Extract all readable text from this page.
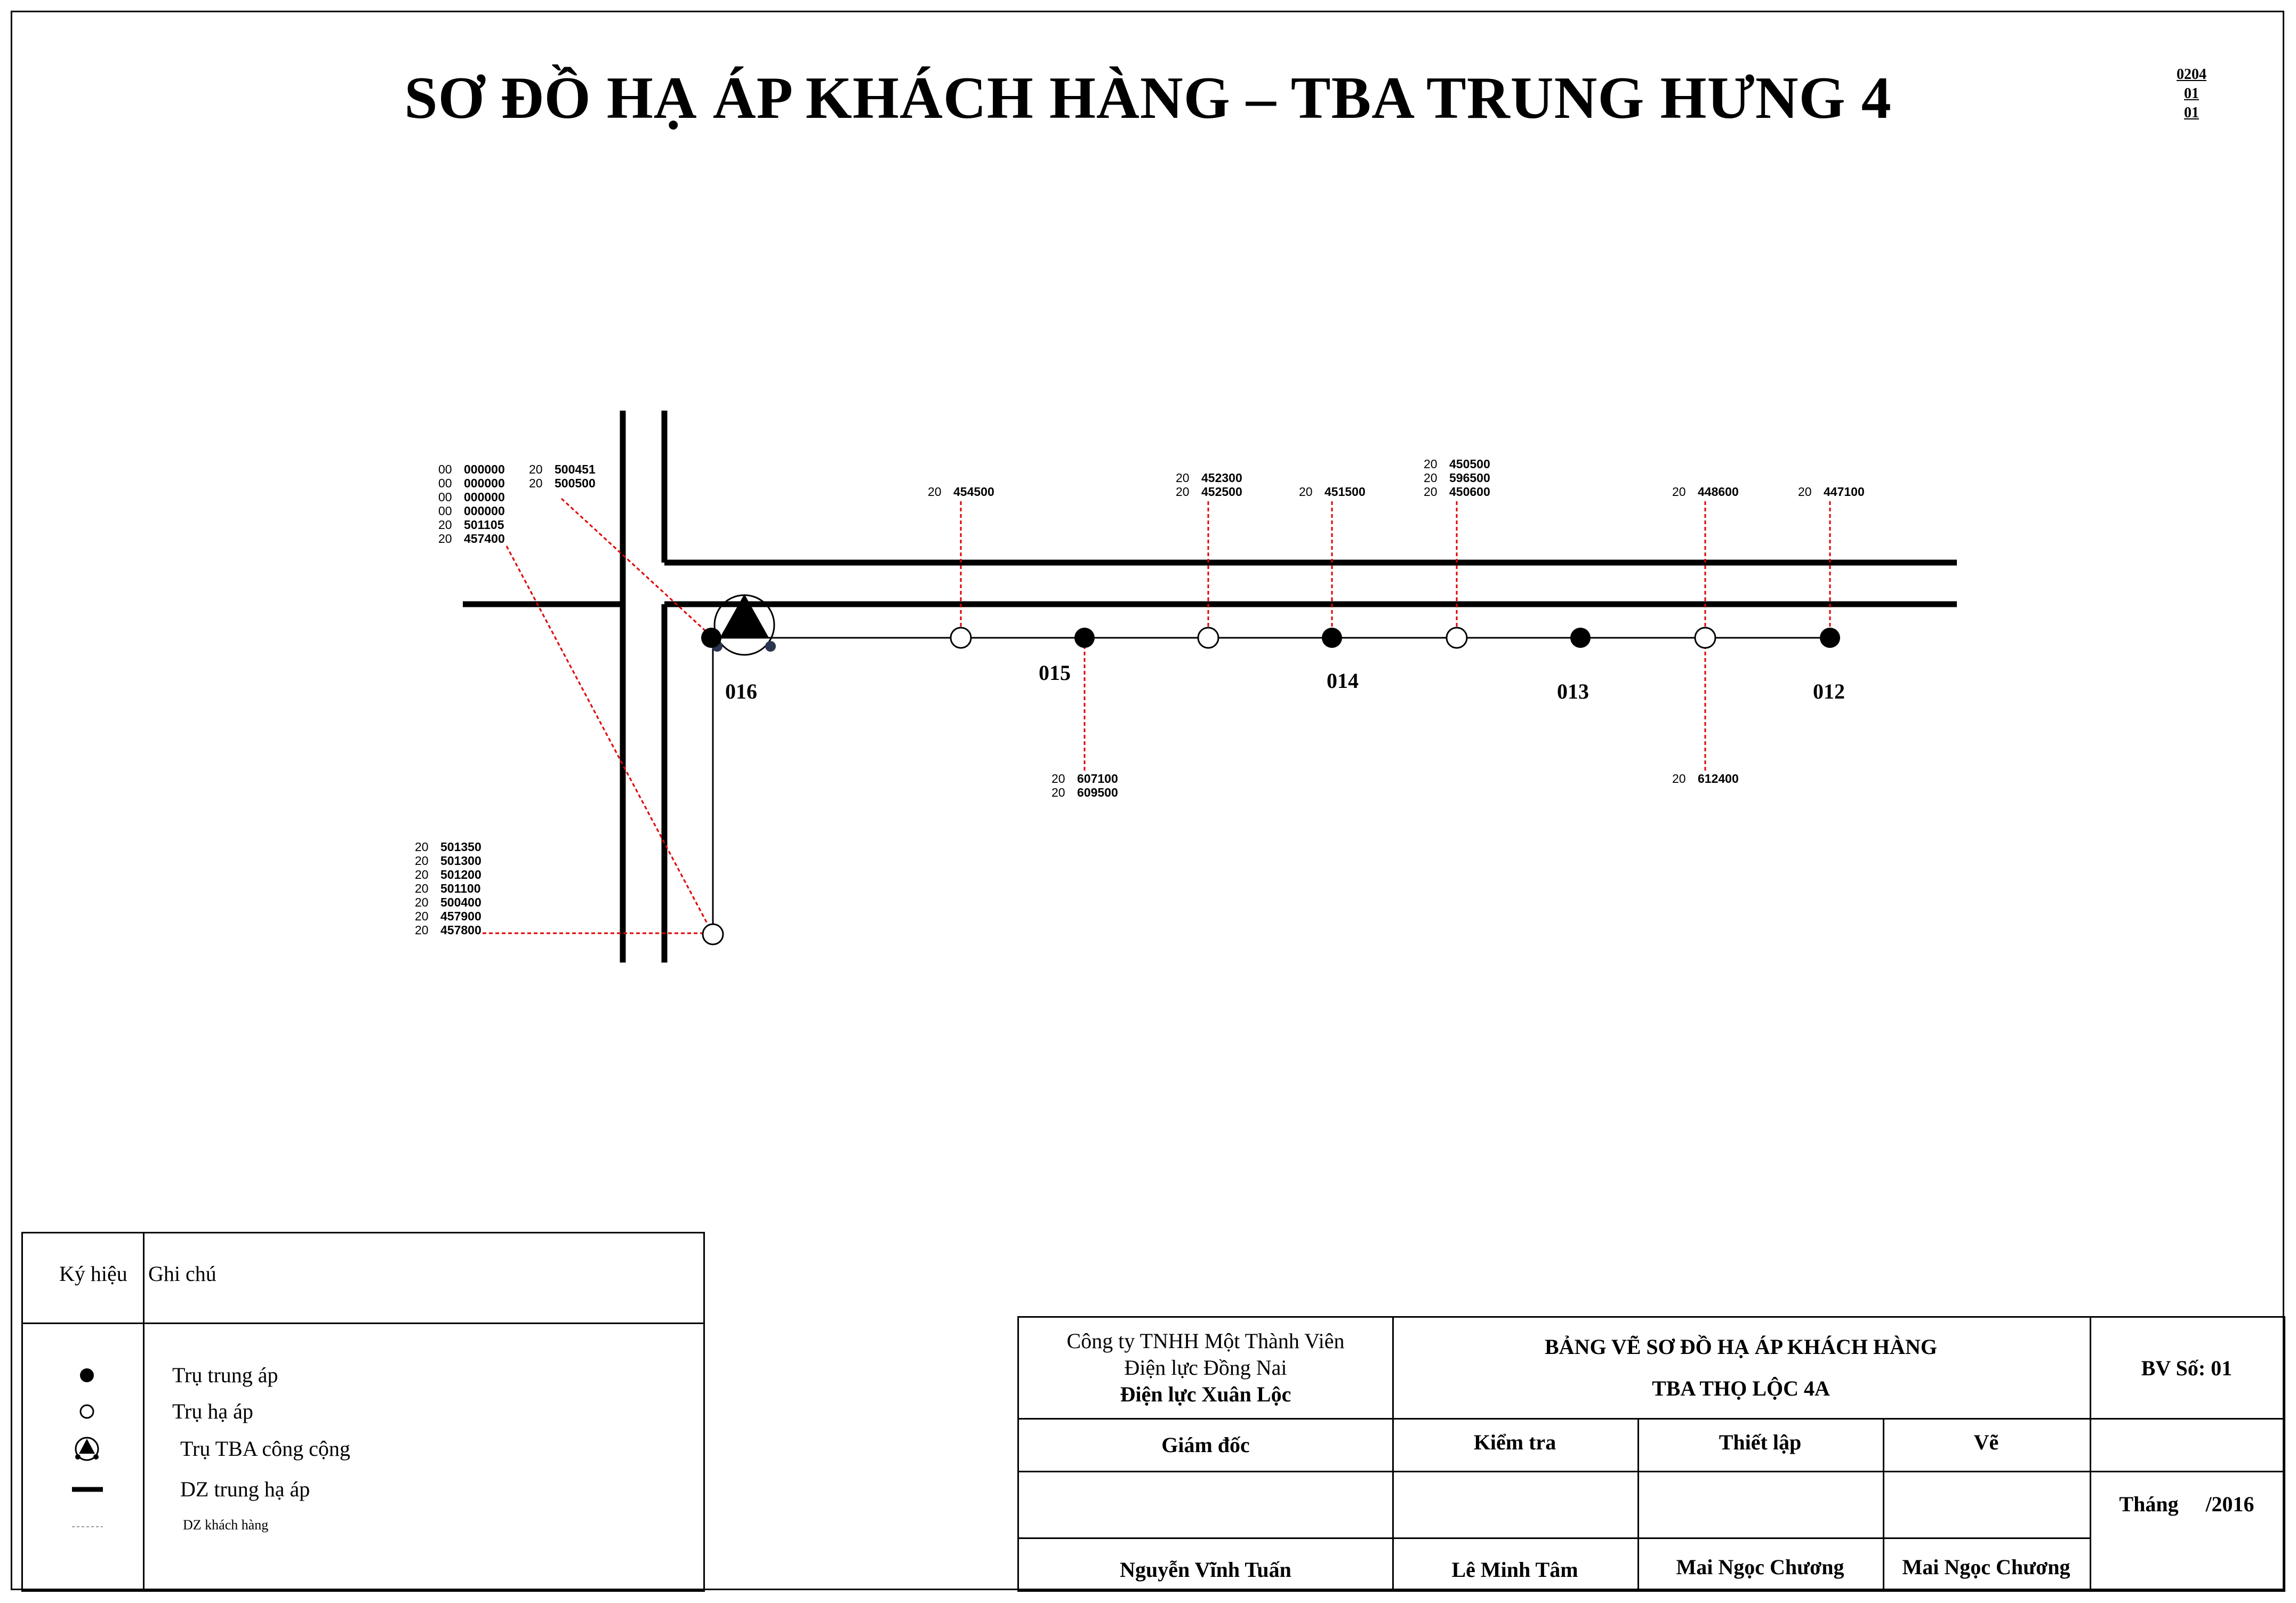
SƠ ĐỒ HẠ ÁP KHÁCH HÀNG – TBA TRUNG HƯNG 4	0204
01
01
016
015	014	013	012
00 000000
00 000000
00 000000
00 000000
20 501105
20 457400
20 500451
20 500500
20 454500
20 452300
20 452500	20 451500
20 450500
20 596500
20 450600	20 448600	20 447100
20 607100
20 609500
20 612400
20 501350
20 501300
20 501200
20 501100
20 500400
20 457900
20 457800
Ký hiệu Ghi chú
Trụ trung áp
Trụ hạ áp
Trụ TBA công cộng
DZ trung hạ áp
DZ khách hàng
Công ty TNHH Một Thành Viên
Điện lực Đồng Nai
Điện lực Xuân Lộc
BẢNG VẼ SƠ ĐỒ HẠ ÁP KHÁCH HÀNG
TBA THỌ LỘC 4A
BV Số: 01
Giám đốc	Kiểm tra	Thiết lập	Vẽ
Tháng /2016
Nguyễn Vĩnh Tuấn	Lê Minh Tâm	Mai Ngọc Chương	Mai Ngọc Chương
